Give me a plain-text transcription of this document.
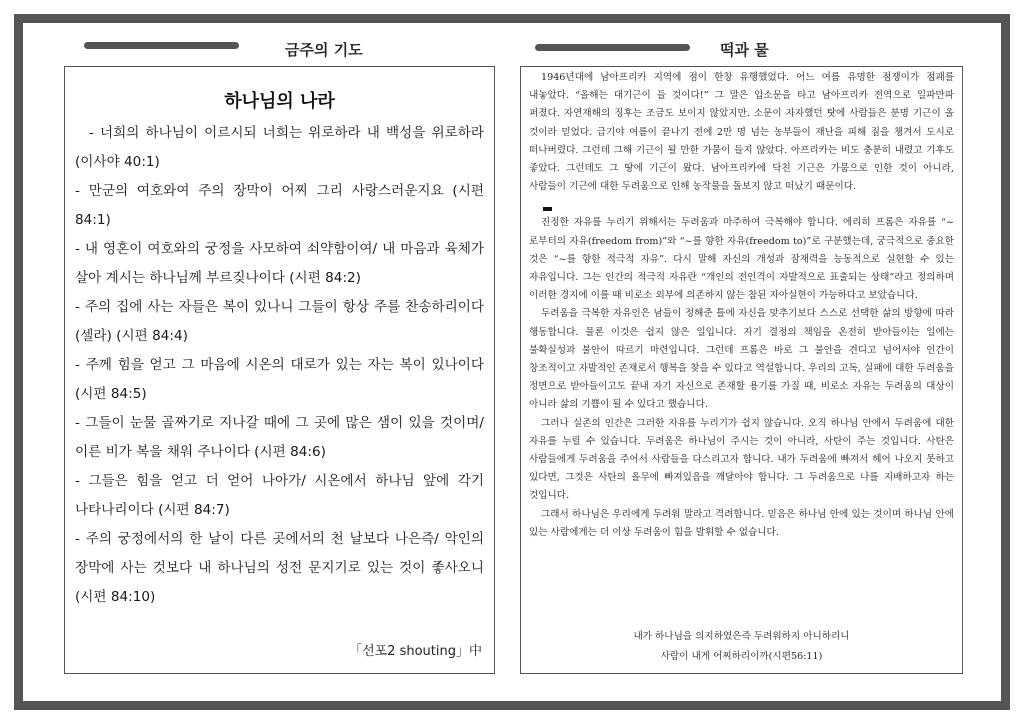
금주의 기도	떡과 물
하나님의 나라
- 너희의 하나님이 이르시되 너희는 위로하라 내 백성을 위로하라 (이사야 40:1)
- 만군의 여호와여 주의 장막이 어찌 그리 사랑스러운지요 (시편 84:1)
- 내 영혼이 여호와의 궁정을 사모하여 쇠약함이여/ 내 마음과 육체가 살아 계시는 하나님께 부르짖나이다 (시편 84:2)
- 주의 집에 사는 자들은 복이 있나니 그들이 항상 주를 찬송하리이다 (셀라) (시편 84:4)
- 주께 힘을 얻고 그 마음에 시온의 대로가 있는 자는 복이 있나이다 (시편 84:5)
- 그들이 눈물 골짜기로 지나갈 때에 그 곳에 많은 샘이 있을 것이며/ 이른 비가 복을 채워 주나이다 (시편 84:6)
- 그들은 힘을 얻고 더 얻어 나아가/ 시온에서 하나님 앞에 각기 나타나리이다 (시편 84:7)
- 주의 궁정에서의 한 날이 다른 곳에서의 천 날보다 나은즉/ 악인의 장막에 사는 것보다 내 하나님의 성전 문지기로 있는 것이 좋사오니 (시편 84:10)
「선포2 shouting」中

1946년대에 남아프리카 지역에 점이 한창 유행했었다. 어느 여름 유명한 점쟁이가 점괘를 내놓았다. “올해는 대기근이 들 것이다!” 그 말은 입소문을 타고 남아프리카 전역으로 일파만파 퍼졌다. 자연재해의 징후는 조금도 보이지 않았지만. 소문이 자자했던 탓에 사람들은 분명 기근이 올 것이라 믿었다. 급기야 여름이 끝나기 전에 2만 명 넘는 농부들이 재난을 피해 짐을 챙겨서 도시로 떠나버렸다. 그런데 그해 기근이 될 만한 가뭄이 들지 않았다. 아프리카는 비도 충분히 내렸고 기후도 좋았다. 그런데도 그 땅에 기근이 왔다. 남아프리카에 닥친 기근은 가뭄으로 인한 것이 아니라, 사람들이 기근에 대한 두려움으로 인해 농작물을 돌보지 않고 떠났기 때문이다.

진정한 자유를 누리기 위해서는 두려움과 마주하여 극복해야 합니다. 에리히 프롬은 자유를 “~로부터의 자유(freedom from)”와 “~를 향한 자유(freedom to)”로 구분했는데, 궁극적으로 중요한 것은 “~를 향한 적극적 자유”. 다시 말해 자신의 개성과 잠재력을 능동적으로 실현할 수 있는 자유입니다. 그는 인간의 적극적 자유란 “개인의 전인격이 자발적으로 표출되는 상태”라고 정의하며 이러한 경지에 이를 때 비로소 외부에 의존하지 않는 참된 자아실현이 가능하다고 보았습니다.

두려움을 극복한 자유인은 남들이 정해준 틀에 자신을 맞추기보다 스스로 선택한 삶의 방향에 따라 행동합니다. 물론 이것은 쉽지 않은 일입니다. 자기 결정의 책임을 온전히 받아들이는 일에는 불확실성과 불안이 따르기 마련입니다. 그런데 프롬은 바로 그 불안을 견디고 넘어서야 인간이 창조적이고 자발적인 존재로서 행복을 찾을 수 있다고 역설합니다. 우리의 고독, 실패에 대한 두려움을 정면으로 받아들이고도 끝내 자기 자신으로 존재할 용기를 가질 때, 비로소 자유는 두려움의 대상이 아니라 삶의 기쁨이 될 수 있다고 했습니다.

그러나 실존의 인간은 그러한 자유를 누리기가 쉽지 않습니다. 오직 하나님 안에서 두려움에 대한 자유를 누릴 수 있습니다. 두려움은 하나님이 주시는 것이 아니라, 사탄이 주는 것입니다. 사탄은 사람들에게 두려움을 주어서 사람들을 다스리고자 합니다. 내가 두려움에 빠져서 헤어 나오지 못하고 있다면, 그것은 사탄의 올무에 빠져있음을 깨달아야 합니다. 그 두려움으로 나를 지배하고자 하는 것입니다.

그래서 하나님은 우리에게 두려워 말라고 격려합니다. 믿음은 하나님 안에 있는 것이며 하나님 안에 있는 사람에게는 더 이상 두려움이 힘을 발휘할 수 없습니다.

내가 하나님을 의지하였은즉 두려워하지 아니하리니
사람이 내게 어찌하리이까(시편56:11)
